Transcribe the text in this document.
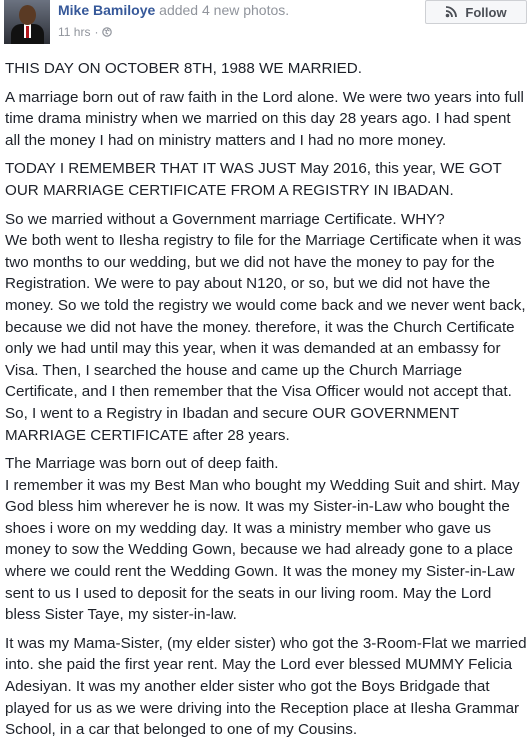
Mike Bamiloye added 4 new photos.
11 hrs ·
Follow

THIS DAY ON OCTOBER 8TH, 1988 WE MARRIED.

A marriage born out of raw faith in the Lord alone. We were two years into full time drama ministry when we married on this day 28 years ago. I had spent all the money I had on ministry matters and I had no more money.

TODAY I REMEMBER THAT IT WAS JUST May 2016, this year, WE GOT OUR MARRIAGE CERTIFICATE FROM A REGISTRY IN IBADAN.

So we married without a Government marriage Certificate. WHY?
We both went to Ilesha registry to file for the Marriage Certificate when it was two months to our wedding, but we did not have the money to pay for the Registration. We were to pay about N120, or so, but we did not have the money. So we told the registry we would come back and we never went back, because we did not have the money. therefore, it was the Church Certificate only we had until may this year, when it was demanded at an embassy for Visa. Then, I searched the house and came up the Church Marriage Certificate, and I then remember that the Visa Officer would not accept that. So, I went to a Registry in Ibadan and secure OUR GOVERNMENT MARRIAGE CERTIFICATE after 28 years.

The Marriage was born out of deep faith.
I remember it was my Best Man who bought my Wedding Suit and shirt. May God bless him wherever he is now. It was my Sister-in-Law who bought the shoes i wore on my wedding day. It was a ministry member who gave us money to sow the Wedding Gown, because we had already gone to a place where we could rent the Wedding Gown. It was the money my Sister-in-Law sent to us I used to deposit for the seats in our living room. May the Lord bless Sister Taye, my sister-in-law.

It was my Mama-Sister, (my elder sister) who got the 3-Room-Flat we married into. she paid the first year rent. May the Lord ever blessed MUMMY Felicia Adesiyan. It was my another elder sister who got the Boys Bridgade that played for us as we were driving into the Reception place at Ilesha Grammar School, in a car that belonged to one of my Cousins.
